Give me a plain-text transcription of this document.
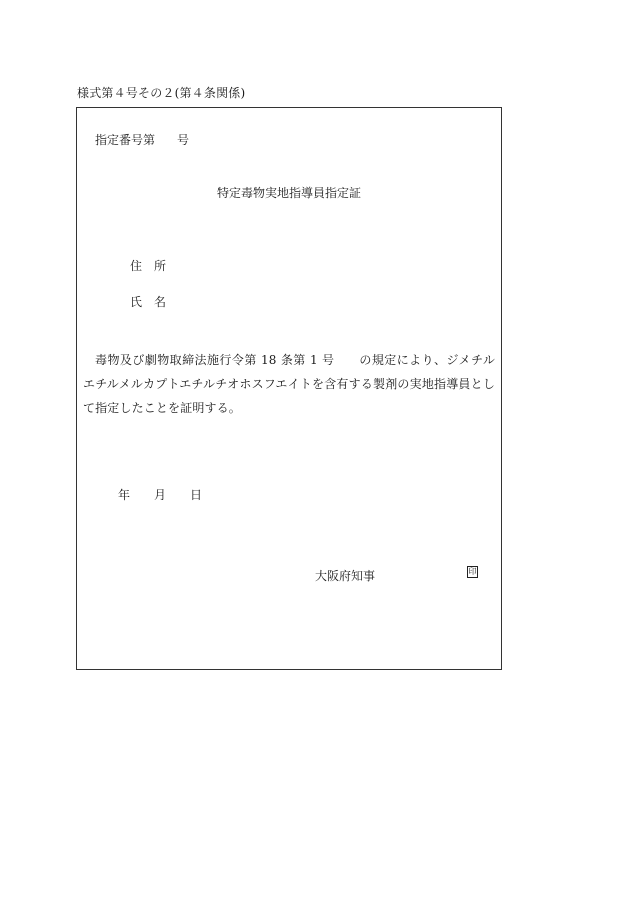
様式第４号その２(第４条関係)
指定番号第 号
特定毒物実地指導員指定証
住 所
氏 名
毒物及び劇物取締法施行令第 18 条第 1 号　　の規定により、ジメチルエチルメルカプトエチルチオホスフエイトを含有する製剤の実地指導員として指定したことを証明する。
年 月 日
大阪府知事	印
